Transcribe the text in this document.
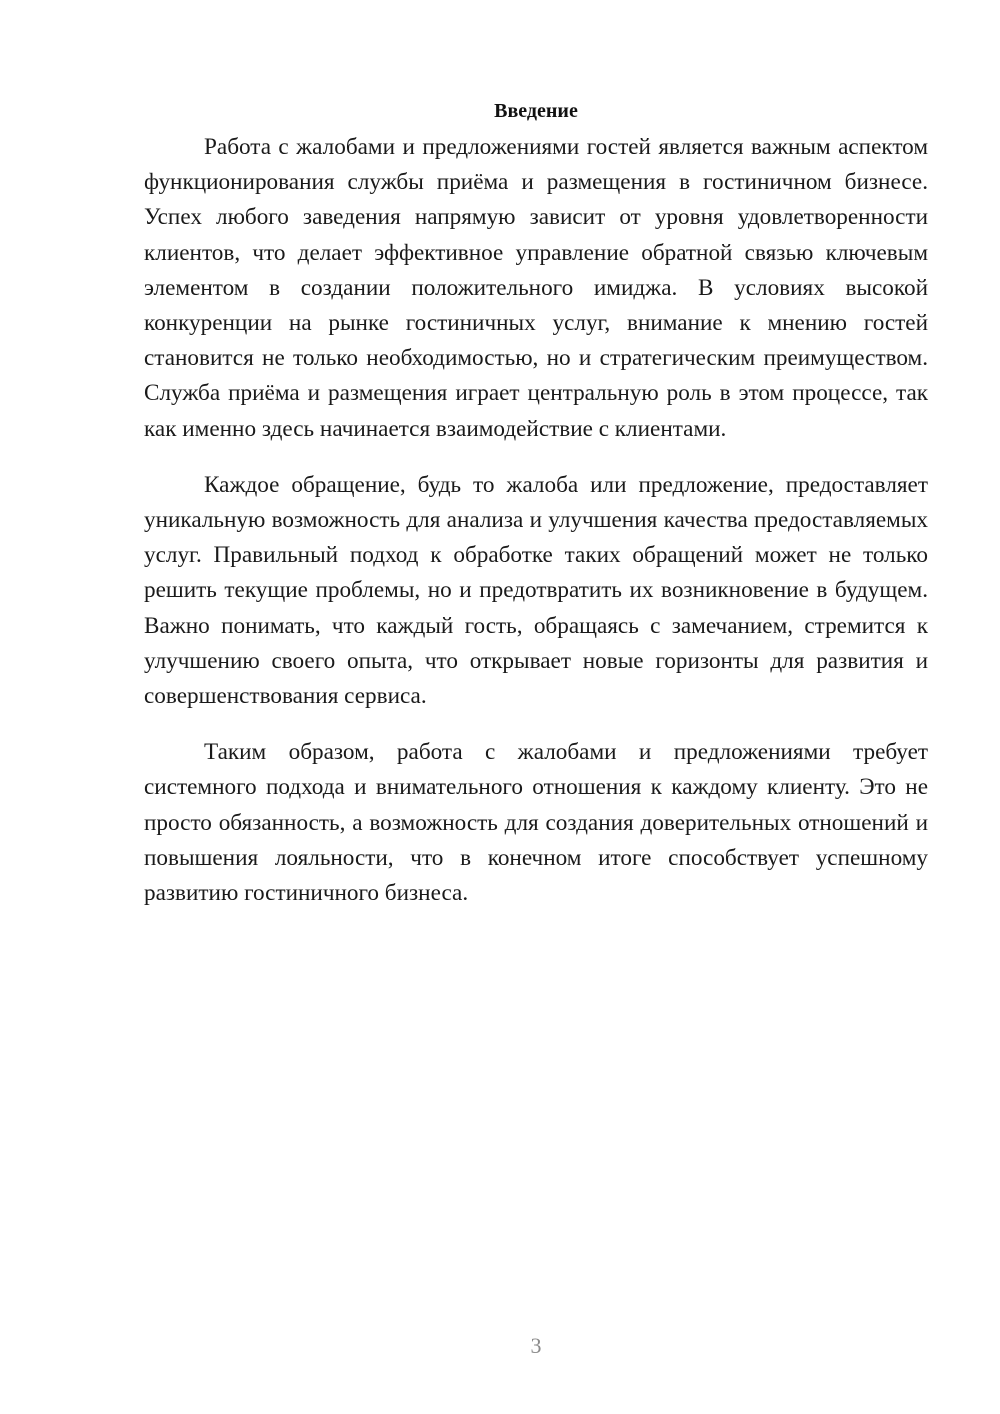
Введение

Работа с жалобами и предложениями гостей является важным аспектом функционирования службы приёма и размещения в гостиничном бизнесе. Успех любого заведения напрямую зависит от уровня удовлетворенности клиентов, что делает эффективное управление обратной связью ключевым элементом в создании положительного имиджа. В условиях высокой конкуренции на рынке гостиничных услуг, внимание к мнению гостей становится не только необходимостью, но и стратегическим преимуществом. Служба приёма и размещения играет центральную роль в этом процессе, так как именно здесь начинается взаимодействие с клиентами.

Каждое обращение, будь то жалоба или предложение, предоставляет уникальную возможность для анализа и улучшения качества предоставляемых услуг. Правильный подход к обработке таких обращений может не только решить текущие проблемы, но и предотвратить их возникновение в будущем. Важно понимать, что каждый гость, обращаясь с замечанием, стремится к улучшению своего опыта, что открывает новые горизонты для развития и совершенствования сервиса.

Таким образом, работа с жалобами и предложениями требует системного подхода и внимательного отношения к каждому клиенту. Это не просто обязанность, а возможность для создания доверительных отношений и повышения лояльности, что в конечном итоге способствует успешному развитию гостиничного бизнеса.

3
